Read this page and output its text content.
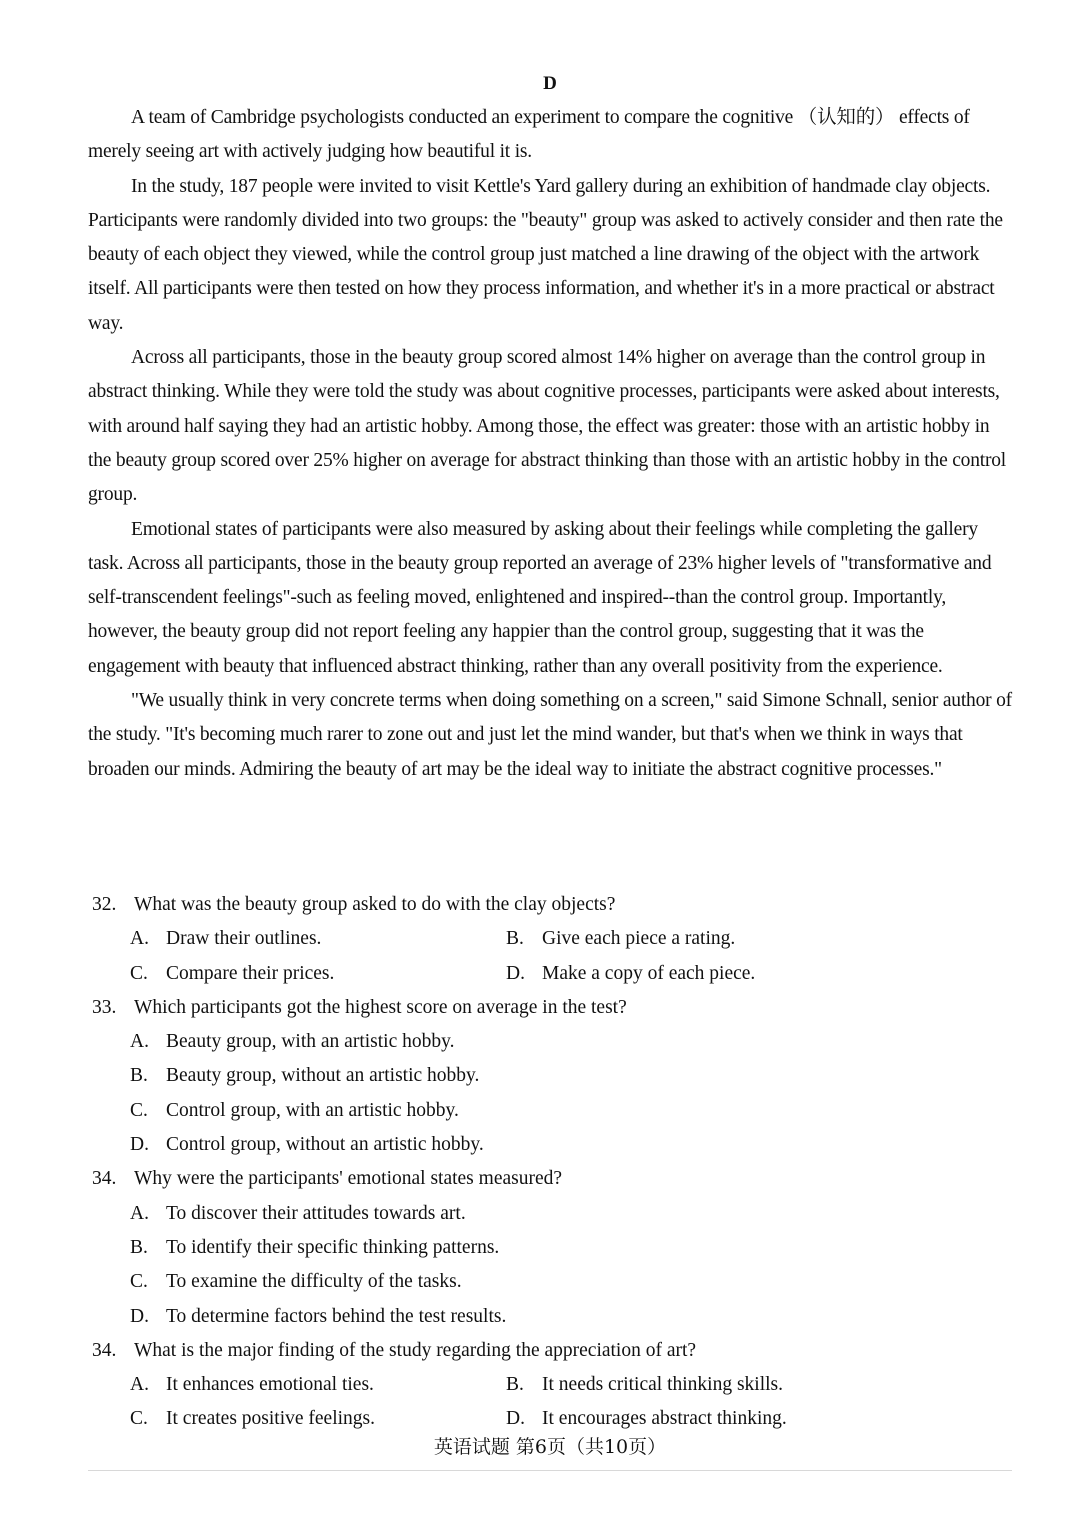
D

A team of Cambridge psychologists conducted an experiment to compare the cognitive （认知的） effects of merely seeing art with actively judging how beautiful it is.

In the study, 187 people were invited to visit Kettle's Yard gallery during an exhibition of handmade clay objects. Participants were randomly divided into two groups: the "beauty" group was asked to actively consider and then rate the beauty of each object they viewed, while the control group just matched a line drawing of the object with the artwork itself. All participants were then tested on how they process information, and whether it's in a more practical or abstract way.

Across all participants, those in the beauty group scored almost 14% higher on average than the control group in abstract thinking. While they were told the study was about cognitive processes, participants were asked about interests, with around half saying they had an artistic hobby. Among those, the effect was greater: those with an artistic hobby in the beauty group scored over 25% higher on average for abstract thinking than those with an artistic hobby in the control group.

Emotional states of participants were also measured by asking about their feelings while completing the gallery task. Across all participants, those in the beauty group reported an average of 23% higher levels of "transformative and self-transcendent feelings"-such as feeling moved, enlightened and inspired--than the control group. Importantly, however, the beauty group did not report feeling any happier than the control group, suggesting that it was the engagement with beauty that influenced abstract thinking, rather than any overall positivity from the experience.

"We usually think in very concrete terms when doing something on a screen," said Simone Schnall, senior author of the study. "It's becoming much rarer to zone out and just let the mind wander, but that's when we think in ways that broaden our minds. Admiring the beauty of art may be the ideal way to initiate the abstract cognitive processes."

32. What was the beauty group asked to do with the clay objects?
A. Draw their outlines.	B. Give each piece a rating.
C. Compare their prices.	D. Make a copy of each piece.
33. Which participants got the highest score on average in the test?
A. Beauty group, with an artistic hobby.
B. Beauty group, without an artistic hobby.
C. Control group, with an artistic hobby.
D. Control group, without an artistic hobby.
34. Why were the participants' emotional states measured?
A. To discover their attitudes towards art.
B. To identify their specific thinking patterns.
C. To examine the difficulty of the tasks.
D. To determine factors behind the test results.
34. What is the major finding of the study regarding the appreciation of art?
A. It enhances emotional ties.	B. It needs critical thinking skills.
C. It creates positive feelings.	D. It encourages abstract thinking.
英语试题 第6页（共10页）
